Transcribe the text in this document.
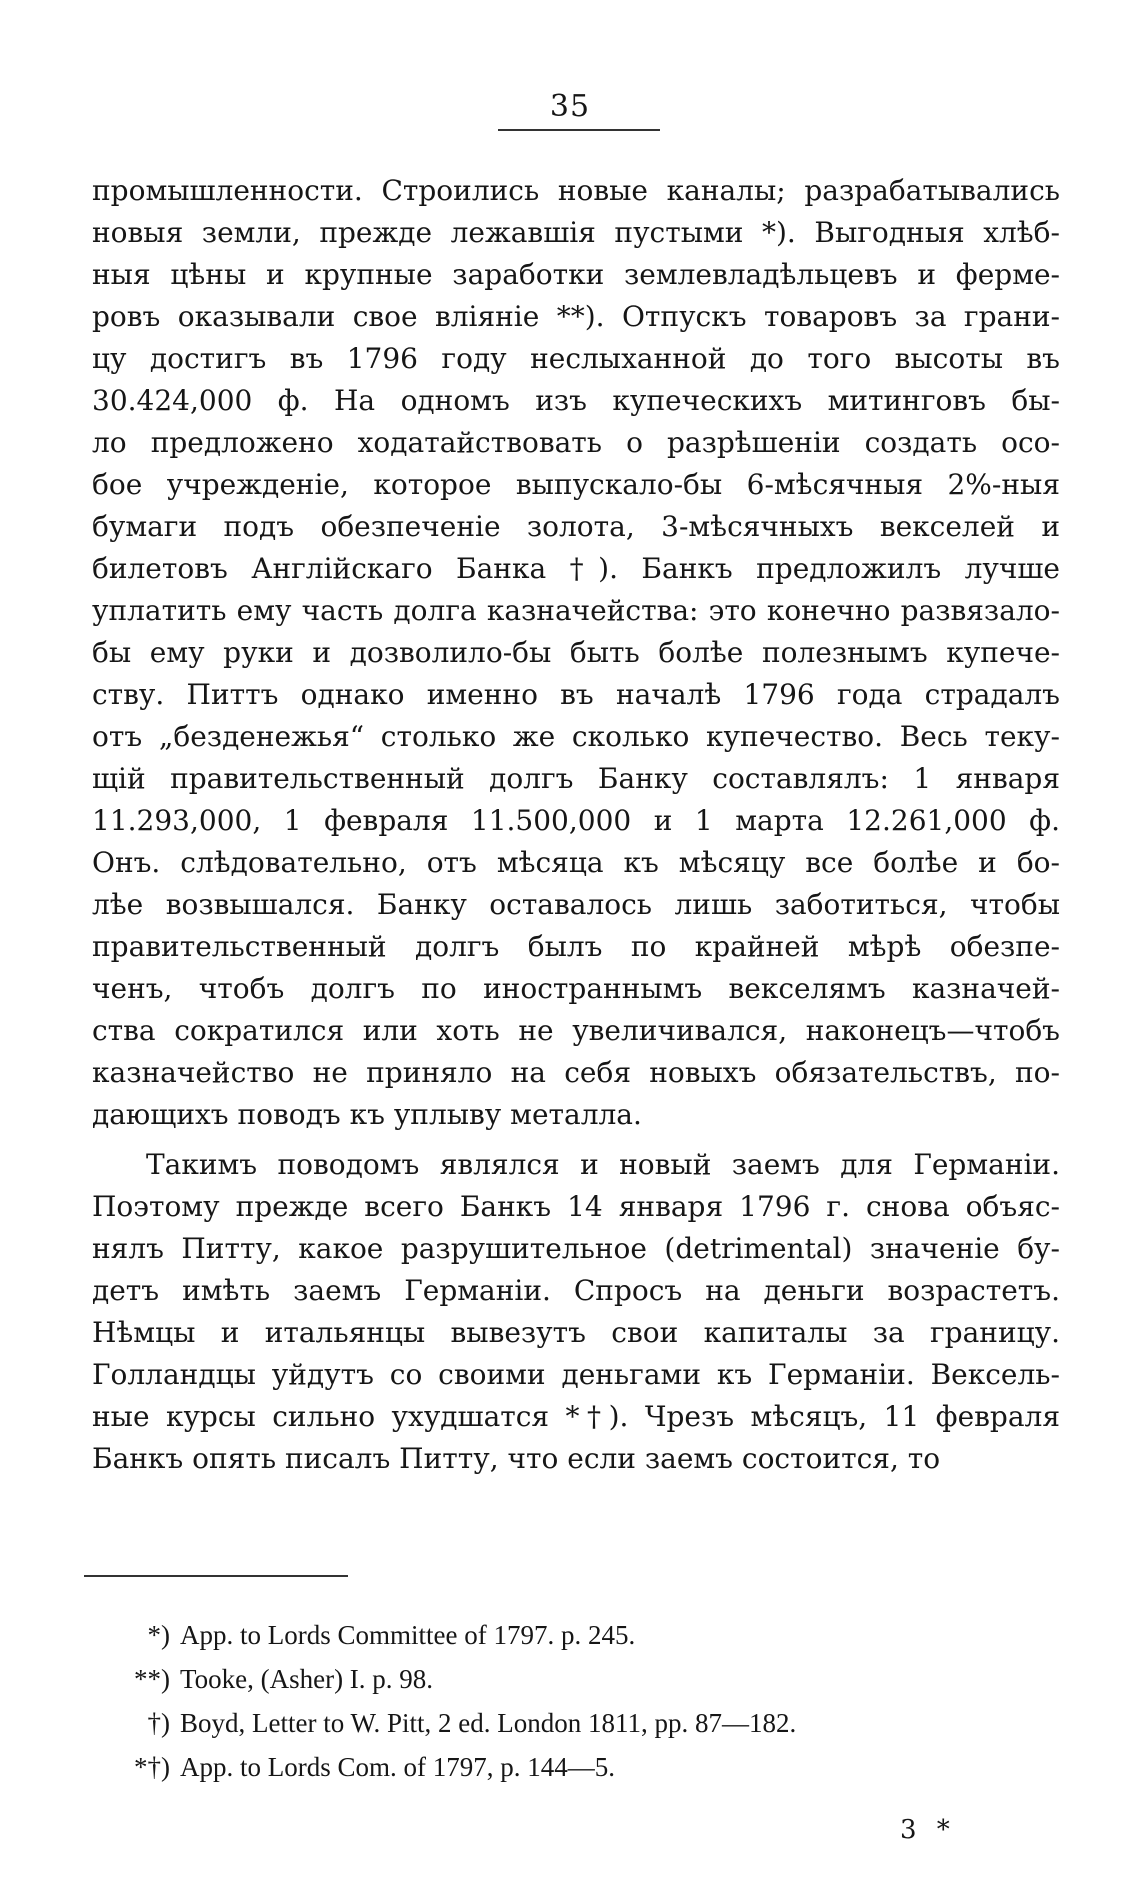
35
промышленности. Строились новые каналы; разрабатывались
новыя земли, прежде лежавшія пустыми *). Выгодныя хлѣб-
ныя цѣны и крупные заработки землевладѣльцевъ и ферме-
ровъ оказывали свое вліяніе **). Отпускъ товаровъ за грани-
цу достигъ въ 1796 году неслыханной до того высоты въ
30.424,000 ф. На одномъ изъ купеческихъ митинговъ бы-
ло предложено ходатайствовать о разрѣшеніи создать осо-
бое учрежденіе, которое выпускало-бы 6-мѣсячныя 2%-ныя
бумаги подъ обезпеченіе золота, 3-мѣсячныхъ векселей и
билетовъ Англійскаго Банка †). Банкъ предложилъ лучше
уплатить ему часть долга казначейства: это конечно развязало-
бы ему руки и дозволило-бы быть болѣе полезнымъ купече-
ству. Питтъ однако именно въ началѣ 1796 года страдалъ
отъ „безденежья“ столько же сколько купечество. Весь теку-
щій правительственный долгъ Банку составлялъ: 1 января
11.293,000, 1 февраля 11.500,000 и 1 марта 12.261,000 ф.
Онъ. слѣдовательно, отъ мѣсяца къ мѣсяцу все болѣе и бо-
лѣе возвышался. Банку оставалось лишь заботиться, чтобы
правительственный долгъ былъ по крайней мѣрѣ обезпе-
ченъ, чтобъ долгъ по иностраннымъ векселямъ казначей-
ства сократился или хоть не увеличивался, наконецъ—чтобъ
казначейство не приняло на себя новыхъ обязательствъ, по-
дающихъ поводъ къ уплыву металла.
Такимъ поводомъ являлся и новый заемъ для Германіи.
Поэтому прежде всего Банкъ 14 января 1796 г. снова объяс-
нялъ Питту, какое разрушительное (detrimental) значеніе бу-
детъ имѣть заемъ Германіи. Спросъ на деньги возрастетъ.
Нѣмцы и итальянцы вывезутъ свои капиталы за границу.
Голландцы уйдутъ со своими деньгами къ Германіи. Вексель-
ные курсы сильно ухудшатся *†). Чрезъ мѣсяцъ, 11 февраля
Банкъ опять писалъ Питту, что если заемъ состоится, то
*) App. to Lords Committee of 1797. p. 245.
**) Tooke, (Asher) I. p. 98.
†) Boyd, Letter to W. Pitt, 2 ed. London 1811, pp. 87—182.
*†) App. to Lords Com. of 1797, p. 144—5.
3 *
